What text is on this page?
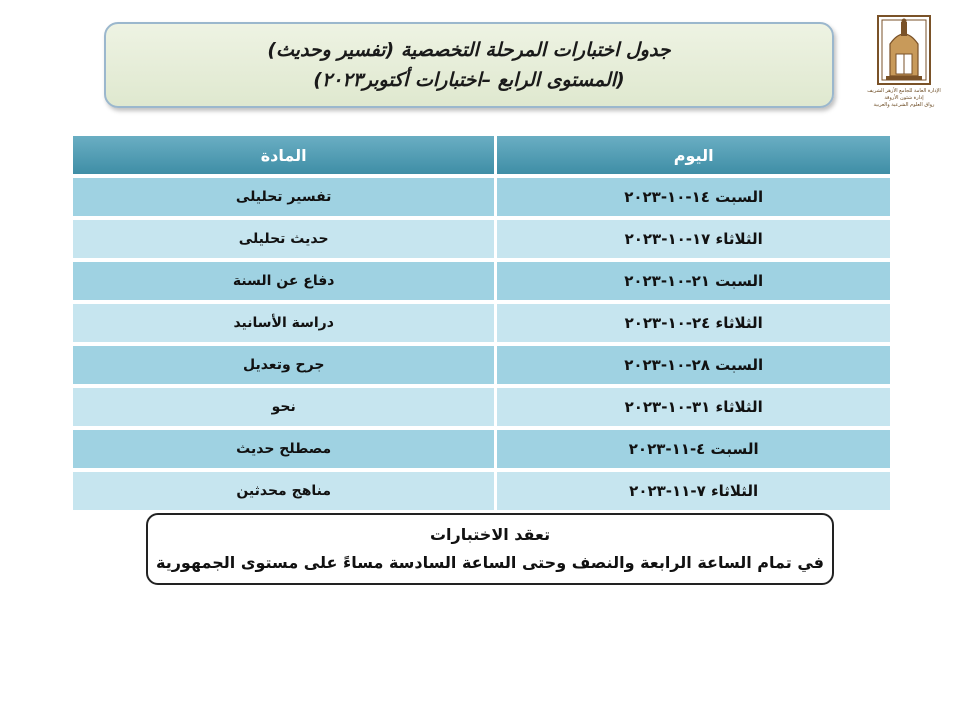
الإدارة العامة للجامع الأزهر الشريف
إدارة شئون الأروقة
رواق العلوم الشرعية والعربية
جدول اختبارات المرحلة التخصصية (تفسير وحديث)
(المستوى الرابع –اختبارات أكتوبر٢٠٢٣)
اليوم	المادة
السبت ١٤-١٠-٢٠٢٣	تفسير تحليلى
الثلاثاء ١٧-١٠-٢٠٢٣	حديث تحليلى
السبت ٢١-١٠-٢٠٢٣	دفاع عن السنة
الثلاثاء ٢٤-١٠-٢٠٢٣	دراسة الأسانيد
السبت ٢٨-١٠-٢٠٢٣	جرح وتعديل
الثلاثاء ٣١-١٠-٢٠٢٣	نحو
السبت ٤-١١-٢٠٢٣	مصطلح حديث
الثلاثاء ٧-١١-٢٠٢٣	مناهج محدثين
تعقد الاختبارات
في تمام الساعة الرابعة والنصف وحتى الساعة السادسة مساءً على مستوى الجمهورية
